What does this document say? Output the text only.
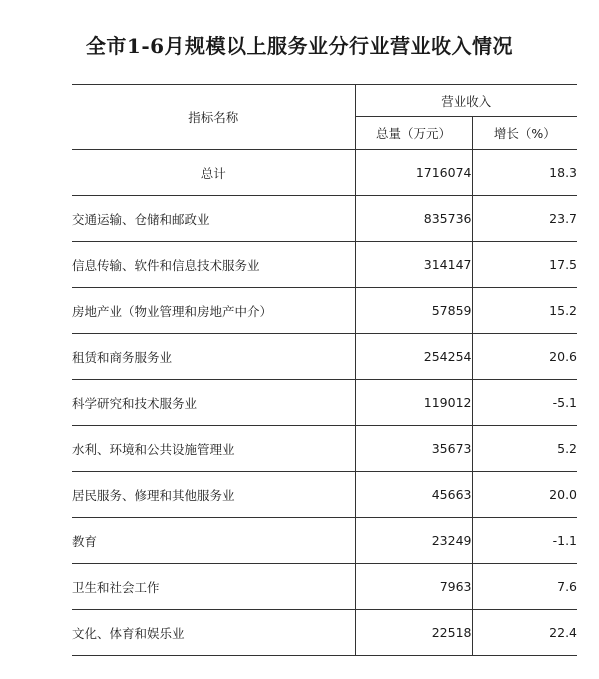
全市1-6月规模以上服务业分行业营业收入情况
指标名称	营业收入	
	总量（万元）	增长（%）
总计	1716074	18.3
交通运输、仓储和邮政业	835736	23.7
信息传输、软件和信息技术服务业	314147	17.5
房地产业（物业管理和房地产中介）	57859	15.2
租赁和商务服务业	254254	20.6
科学研究和技术服务业	119012	-5.1
水利、环境和公共设施管理业	35673	5.2
居民服务、修理和其他服务业	45663	20.0
教育	23249	-1.1
卫生和社会工作	7963	7.6
文化、体育和娱乐业	22518	22.4
